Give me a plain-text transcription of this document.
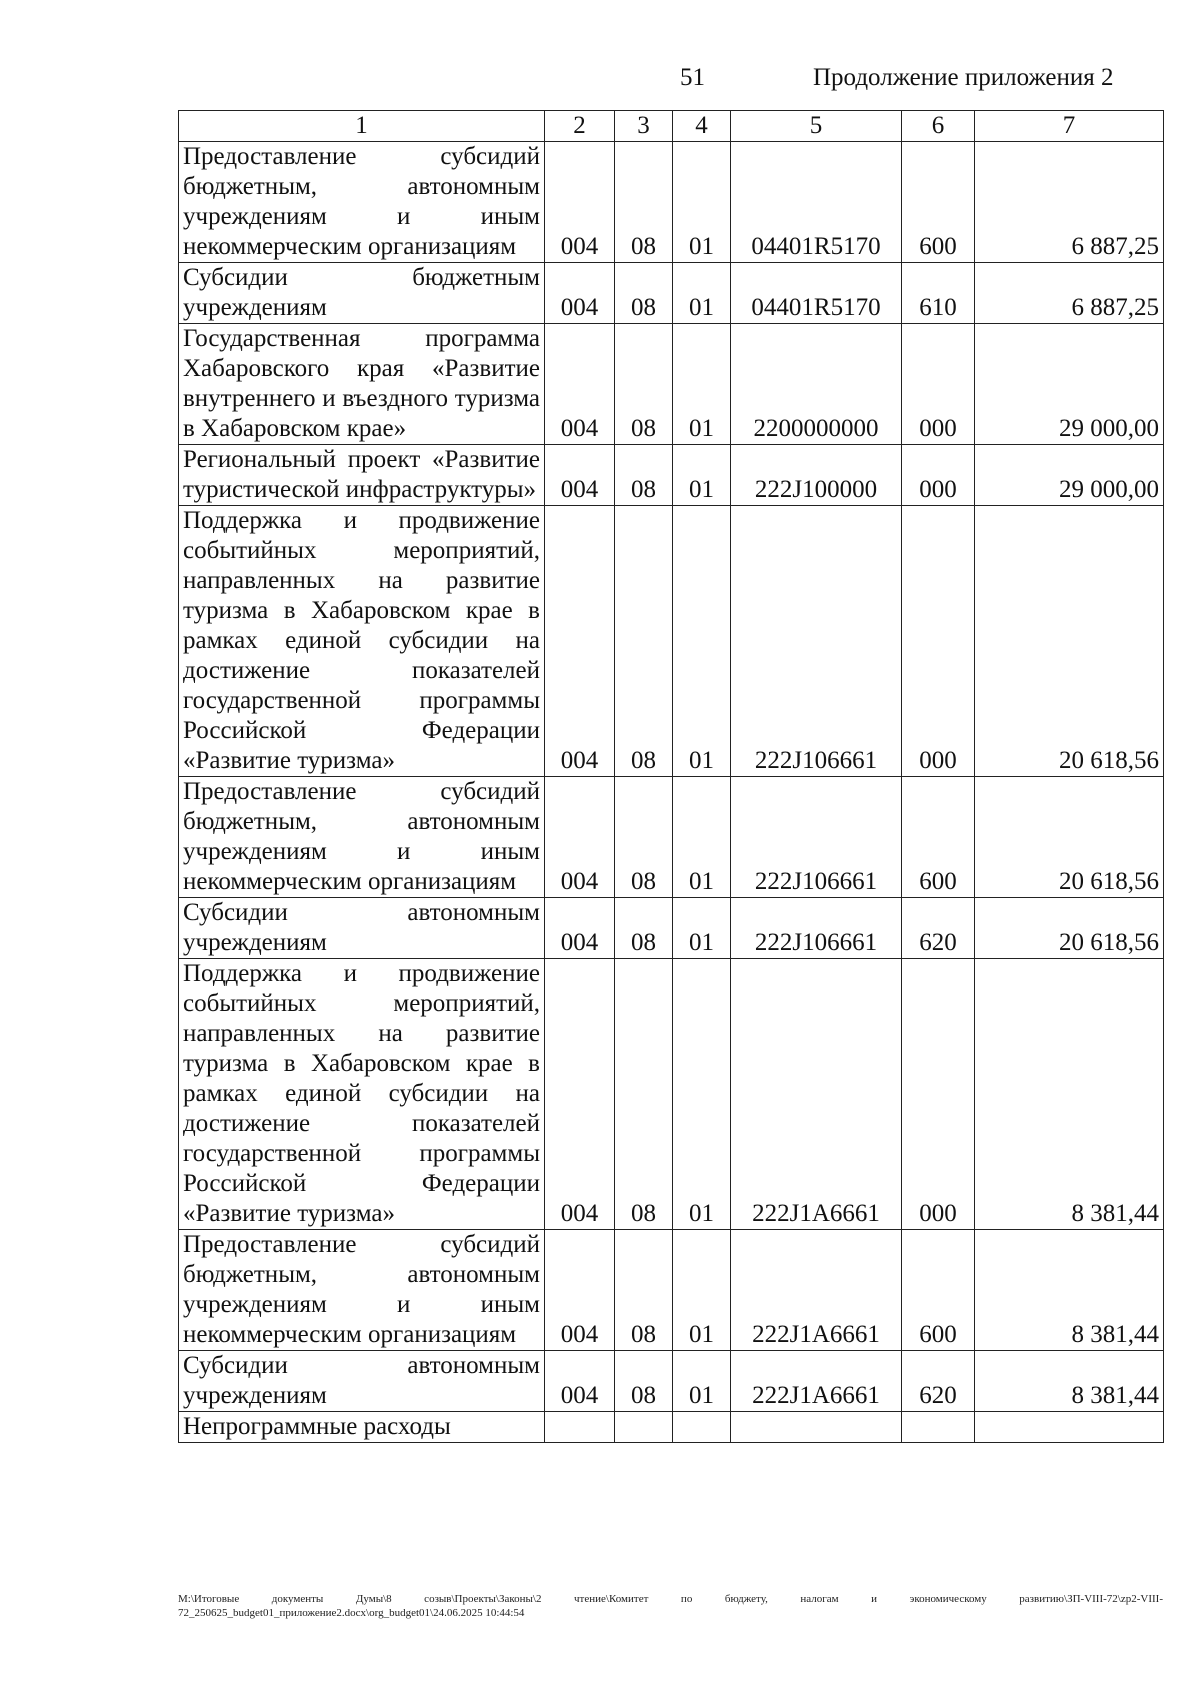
51	Продолжение приложения 2
1	2	3	4	5	6	7
Предоставление субсидий бюджетным, автономным учреждениям и иным некоммерческим организациям	004	08	01	04401R5170	600	6 887,25
Субсидии бюджетным учреждениям	004	08	01	04401R5170	610	6 887,25
Государственная программа Хабаровского края «Развитие внутреннего и въездного туризма в Хабаровском крае»	004	08	01	2200000000	000	29 000,00
Региональный проект «Развитие туристической инфраструктуры»	004	08	01	222J100000	000	29 000,00
Поддержка и продвижение событийных мероприятий, направленных на развитие туризма в Хабаровском крае в рамках единой субсидии на достижение показателей государственной программы Российской Федерации «Развитие туризма»	004	08	01	222J106661	000	20 618,56
Предоставление субсидий бюджетным, автономным учреждениям и иным некоммерческим организациям	004	08	01	222J106661	600	20 618,56
Субсидии автономным учреждениям	004	08	01	222J106661	620	20 618,56
Поддержка и продвижение событийных мероприятий, направленных на развитие туризма в Хабаровском крае в рамках единой субсидии на достижение показателей государственной программы Российской Федерации «Развитие туризма»	004	08	01	222J1A6661	000	8 381,44
Предоставление субсидий бюджетным, автономным учреждениям и иным некоммерческим организациям	004	08	01	222J1A6661	600	8 381,44
Субсидии автономным учреждениям	004	08	01	222J1A6661	620	8 381,44
Непрограммные расходы						
M:\Итоговые документы Думы\8 созыв\Проекты\Законы\2 чтение\Комитет по бюджету, налогам и экономическому развитию\ЗП-VIII-72\zp2-VIII-72_250625_budget01_приложение2.docx\org_budget01\24.06.2025 10:44:54
